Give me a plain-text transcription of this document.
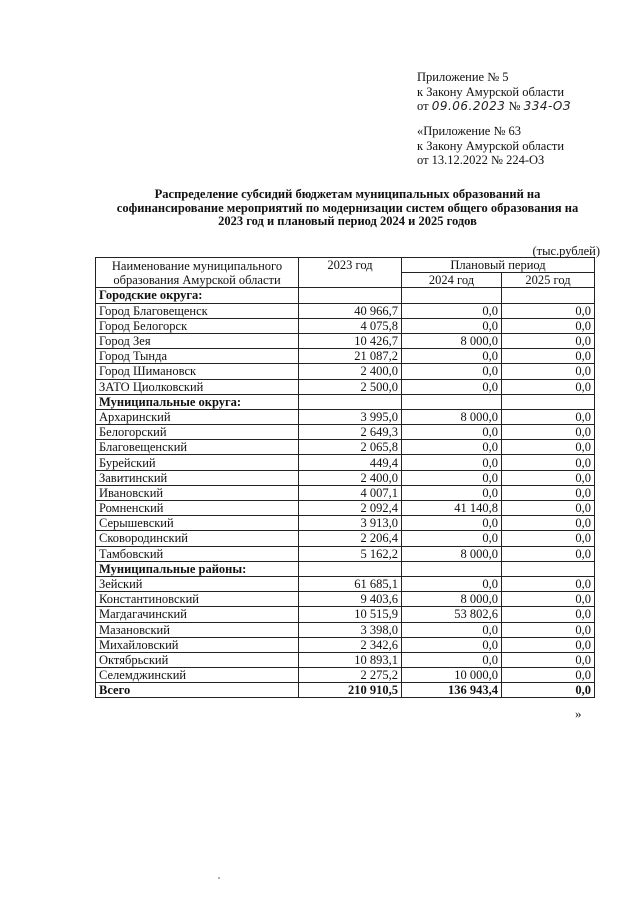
Приложение № 5
к Закону Амурской области
от 09.06.2023 № 334-ОЗ
«Приложение № 63
к Закону Амурской области
от 13.12.2022 № 224-ОЗ
Распределение субсидий бюджетам муниципальных образований на
софинансирование мероприятий по модернизации систем общего образования на
2023 год и плановый период 2024 и 2025 годов
(тыс.рублей)
Наименование муниципального
образования Амурской области	2023 год	Плановый период	
		2024 год	2025 год
Городские округа:			
Город Благовещенск	40 966,7	0,0	0,0
Город Белогорск	4 075,8	0,0	0,0
Город Зея	10 426,7	8 000,0	0,0
Город Тында	21 087,2	0,0	0,0
Город Шимановск	2 400,0	0,0	0,0
ЗАТО Циолковский	2 500,0	0,0	0,0
Муниципальные округа:			
Архаринский	3 995,0	8 000,0	0,0
Белогорский	2 649,3	0,0	0,0
Благовещенский	2 065,8	0,0	0,0
Бурейский	449,4	0,0	0,0
Завитинский	2 400,0	0,0	0,0
Ивановский	4 007,1	0,0	0,0
Ромненский	2 092,4	41 140,8	0,0
Серышевский	3 913,0	0,0	0,0
Сковородинский	2 206,4	0,0	0,0
Тамбовский	5 162,2	8 000,0	0,0
Муниципальные районы:			
Зейский	61 685,1	0,0	0,0
Константиновский	9 403,6	8 000,0	0,0
Магдагачинский	10 515,9	53 802,6	0,0
Мазановский	3 398,0	0,0	0,0
Михайловский	2 342,6	0,0	0,0
Октябрьский	10 893,1	0,0	0,0
Селемджинский	2 275,2	10 000,0	0,0
Всего	210 910,5	136 943,4	0,0
»
